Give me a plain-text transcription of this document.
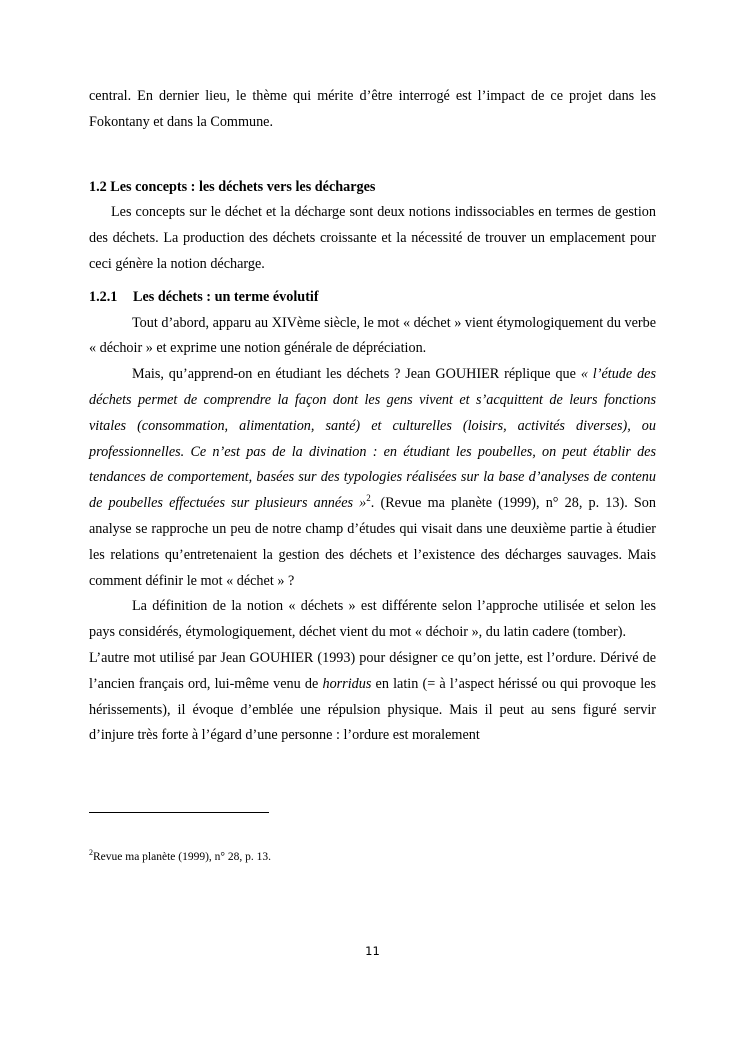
central. En dernier lieu, le thème qui mérite d’être interrogé est l’impact de ce projet dans les
Fokontany et dans la Commune.

1.2 Les concepts : les déchets vers les décharges

Les concepts sur le déchet et la décharge sont deux notions indissociables en termes de gestion des déchets. La production des déchets croissante et la nécessité de trouver un emplacement pour ceci génère la notion décharge.

1.2.1 Les déchets : un terme évolutif

Tout d’abord, apparu au XIVème siècle, le mot « déchet » vient étymologiquement du verbe « déchoir » et exprime une notion générale de dépréciation.

Mais, qu’apprend-on en étudiant les déchets ? Jean GOUHIER réplique que « l’étude des déchets permet de comprendre la façon dont les gens vivent et s’acquittent de leurs fonctions vitales (consommation, alimentation, santé) et culturelles (loisirs, activités diverses), ou professionnelles. Ce n’est pas de la divination : en étudiant les poubelles, on peut établir des tendances de comportement, basées sur des typologies réalisées sur la base d’analyses de contenu de poubelles effectuées sur plusieurs années »$^2$. (Revue ma planète (1999), n° 28, p. 13). Son analyse se rapproche un peu de notre champ d’études qui visait dans une deuxième partie à étudier les relations qu’entretenaient la gestion des déchets et l’existence des décharges sauvages. Mais comment définir le mot « déchet » ?

La définition de la notion « déchets » est différente selon l’approche utilisée et selon les pays considérés, étymologiquement, déchet vient du mot « déchoir », du latin cadere (tomber).

L’autre mot utilisé par Jean GOUHIER (1993) pour désigner ce qu’on jette, est l’ordure. Dérivé de l’ancien français ord, lui-même venu de horridus en latin (= à l’aspect hérissé ou qui provoque les hérissements), il évoque d’emblée une répulsion physique. Mais il peut au sens figuré servir d’injure très forte à l’égard d’une personne : l’ordure est moralement

$^2$Revue ma planète (1999), n° 28, p. 13.
11
